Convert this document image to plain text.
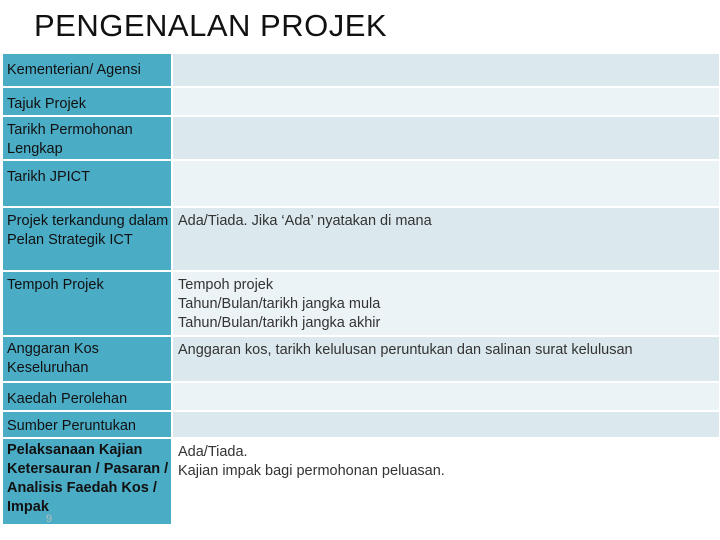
PENGENALAN PROJEK
Kementerian/ Agensi
Tajuk Projek
Tarikh Permohonan Lengkap
Tarikh JPICT
Projek terkandung dalam Pelan Strategik ICT
Ada/Tiada. Jika ‘Ada’ nyatakan di mana
Tempoh Projek	Tempoh projek
Tahun/Bulan/tarikh jangka mula
Tahun/Bulan/tarikh jangka akhir
Anggaran Kos Keseluruhan
Anggaran kos, tarikh kelulusan peruntukan dan salinan surat kelulusan
Kaedah Perolehan
Sumber Peruntukan
Pelaksanaan Kajian Ketersauran / Pasaran / Analisis Faedah Kos / Impak
Ada/Tiada.
Kajian impak bagi permohonan peluasan.
9
